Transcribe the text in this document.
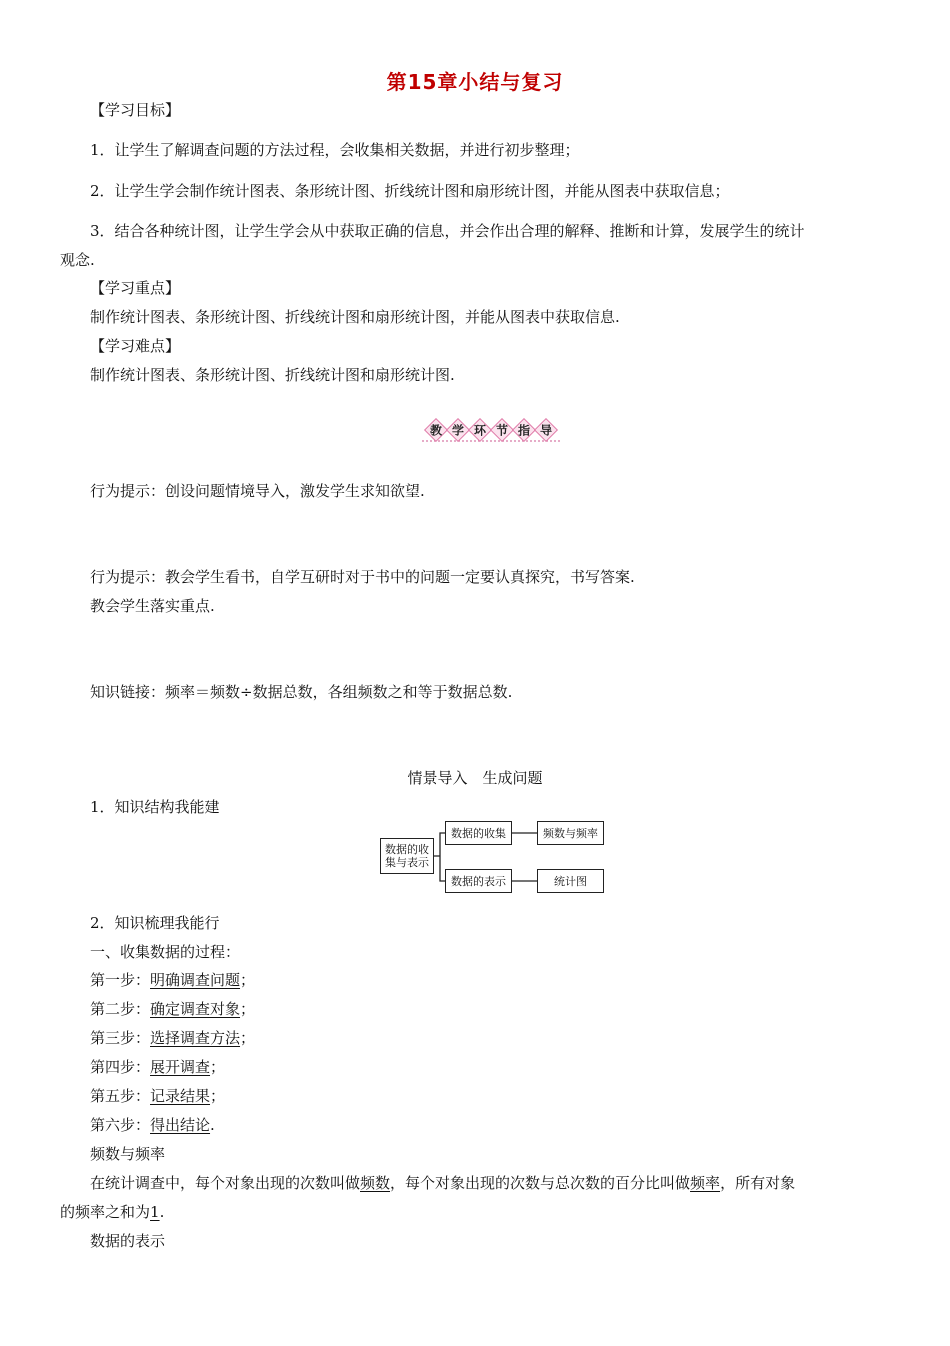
第15章小结与复习
【学习目标】
1．让学生了解调查问题的方法过程，会收集相关数据，并进行初步整理；
2．让学生学会制作统计图表、条形统计图、折线统计图和扇形统计图，并能从图表中获取信息；
3．结合各种统计图，让学生学会从中获取正确的信息，并会作出合理的解释、推断和计算，发展学生的统计
观念.
【学习重点】
制作统计图表、条形统计图、折线统计图和扇形统计图，并能从图表中获取信息.
【学习难点】
制作统计图表、条形统计图、折线统计图和扇形统计图.
教 学 环 节 指 导
行为提示：创设问题情境导入，激发学生求知欲望.
行为提示：教会学生看书，自学互研时对于书中的问题一定要认真探究，书写答案.
教会学生落实重点.
知识链接：频率＝频数÷数据总数，各组频数之和等于数据总数.
情景导入　生成问题
1．知识结构我能建
数据的收
集与表示
数据的收集	频数与频率
数据的表示	统计图
2．知识梳理我能行
一、收集数据的过程：
第一步：明确调查问题；
第二步：确定调查对象；
第三步：选择调查方法；
第四步：展开调查；
第五步：记录结果；
第六步：得出结论.
频数与频率
在统计调查中，每个对象出现的次数叫做频数，每个对象出现的次数与总次数的百分比叫做频率，所有对象
的频率之和为1.
数据的表示
